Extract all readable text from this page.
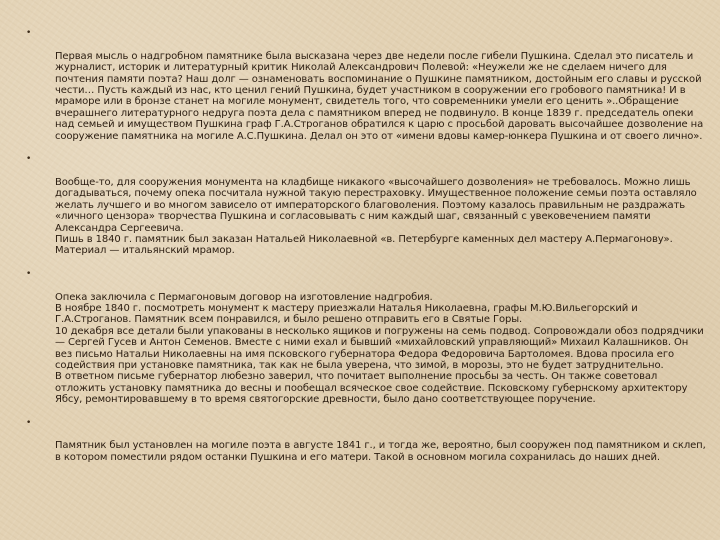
•

Первая мысль о надгробном памятнике была высказана через две недели после гибели Пушкина. Сделал это писатель и журналист, историк и литературный критик Николай Александрович Полевой: «Неужели же не сделаем ничего для почтения памяти поэта? Наш долг — ознаменовать воспоминание о Пушкине памятником, достойным его славы и русской чести… Пусть каждый из нас, кто ценил гений Пушкина, будет участником в сооружении его гробового памятника! И в мраморе или в бронзе станет на могиле монумент, свидетель того, что современники умели его ценить »..Обращение вчерашнего литературного недруга поэта дела с памятником вперед не подвинуло. В конце 1839 г. председатель опеки над семьей и имуществом Пушкина граф Г.А.Строганов обратился к царю с просьбой даровать высочайшее дозволение на сооружение памятника на могиле А.С.Пушкина. Делал он это от «имени вдовы камер-юнкера Пушкина и от своего лично».

•

Вообще-то, для сооружения монумента на кладбище никакого «высочайшего дозволения» не требовалось. Можно лишь догадываться, почему опека посчитала нужной такую перестраховку. Имущественное положение семьи поэта оставляло желать лучшего и во многом зависело от императорского благоволения. Поэтому казалось правильным не раздражать «личного цензора» творчества Пушкина и согласовывать с ним каждый шаг, связанный с увековечением памяти Александра Сергеевича.
Пишь в 1840 г. памятник был заказан Натальей Николаевной «в. Петербурге каменных дел мастеру А.Пермагонову». Материал — итальянский мрамор.

•

Опека заключила с Пермагоновым договор на изготовление надгробия.
В ноябре 1840 г. посмотреть монумент к мастеру приезжали Наталья Николаевна, графы М.Ю.Вильегорский и Г.А.Строганов. Памятник всем понравился, и было решено отправить его в Святые Горы.
10 декабря все детали были упакованы в несколько ящиков и погружены на семь подвод. Сопровождали обоз подрядчики — Сергей Гусев и Антон Семенов. Вместе с ними ехал и бывший «михайловский управляющий» Михаил Калашников. Он вез письмо Натальи Николаевны на имя псковского губернатора Федора Федоровича Бартоломея. Вдова просила его содействия при установке памятника, так как не была уверена, что зимой, в морозы, это не будет затруднительно.
В ответном письме губернатор любезно заверил, что почитает выполнение просьбы за честь. Он также советовал отложить установку памятника до весны и пообещал всяческое свое содействие. Псковскому губернскому архитектору Ябсу, ремонтировавшему в то время святогорские древности, было дано соответствующее поручение.

•

Памятник был установлен на могиле поэта в августе 1841 г., и тогда же, вероятно, был сооружен под памятником и склеп, в котором поместили рядом останки Пушкина и его матери. Такой в основном могила сохранилась до наших дней.
